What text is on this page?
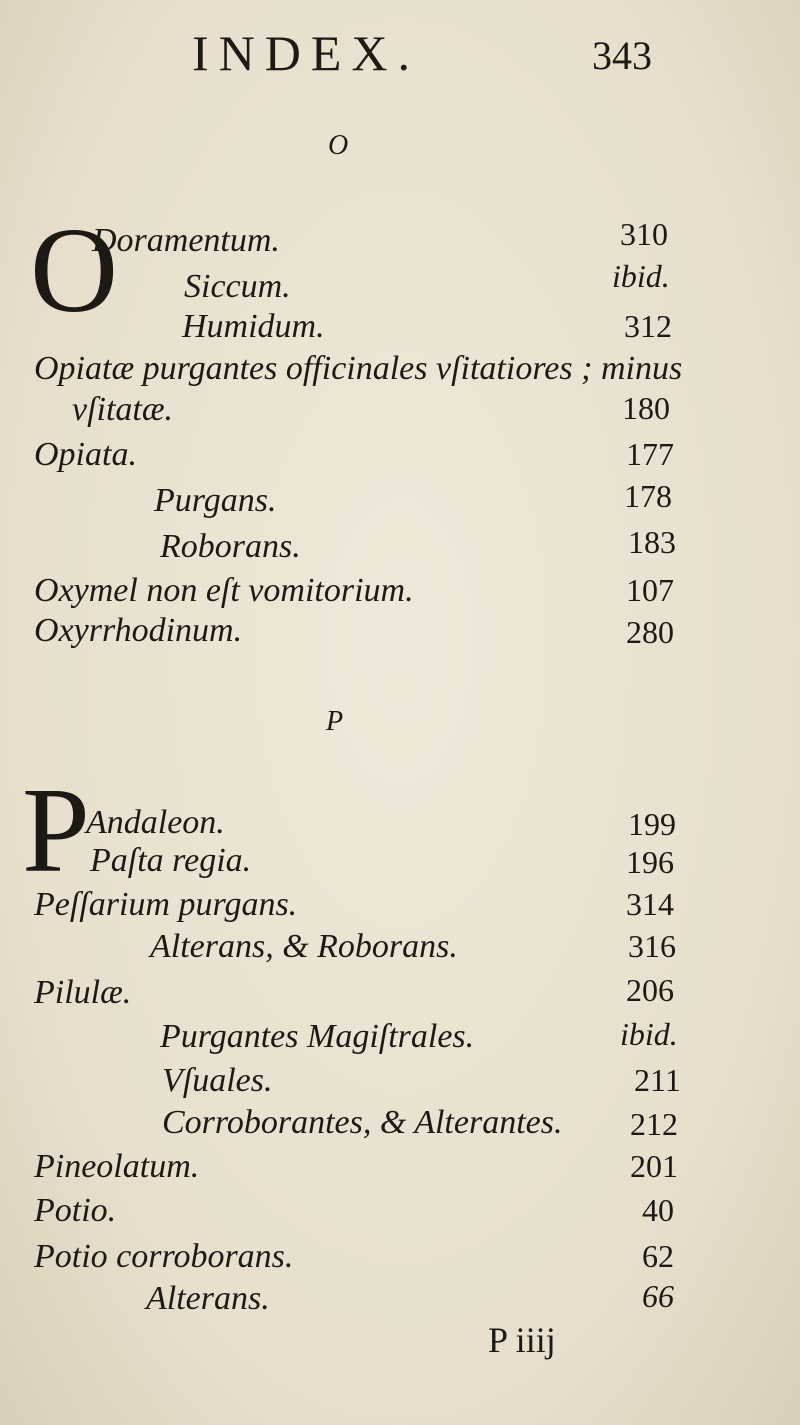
INDEX.	343
O
O
Doramentum.	310
Siccum.	ibid.
Humidum.	312
Opiatæ purgantes officinales vſitatiores ; minus
vſitatæ.	180
Opiata.	177
Purgans.	178
Roborans.	183
Oxymel non eſt vomitorium.	107
Oxyrrhodinum.	280
P
P
Andaleon.	199
Paſta regia.	196
Peſſarium purgans.	314
Alterans, & Roborans.	316
Pilulæ.	206
Purgantes Magiſtrales.	ibid.
Vſuales.	211
Corroborantes, & Alterantes. 212
Pineolatum.	201
Potio.	40
Potio corroborans.	62
Alterans.	66
P iiij
